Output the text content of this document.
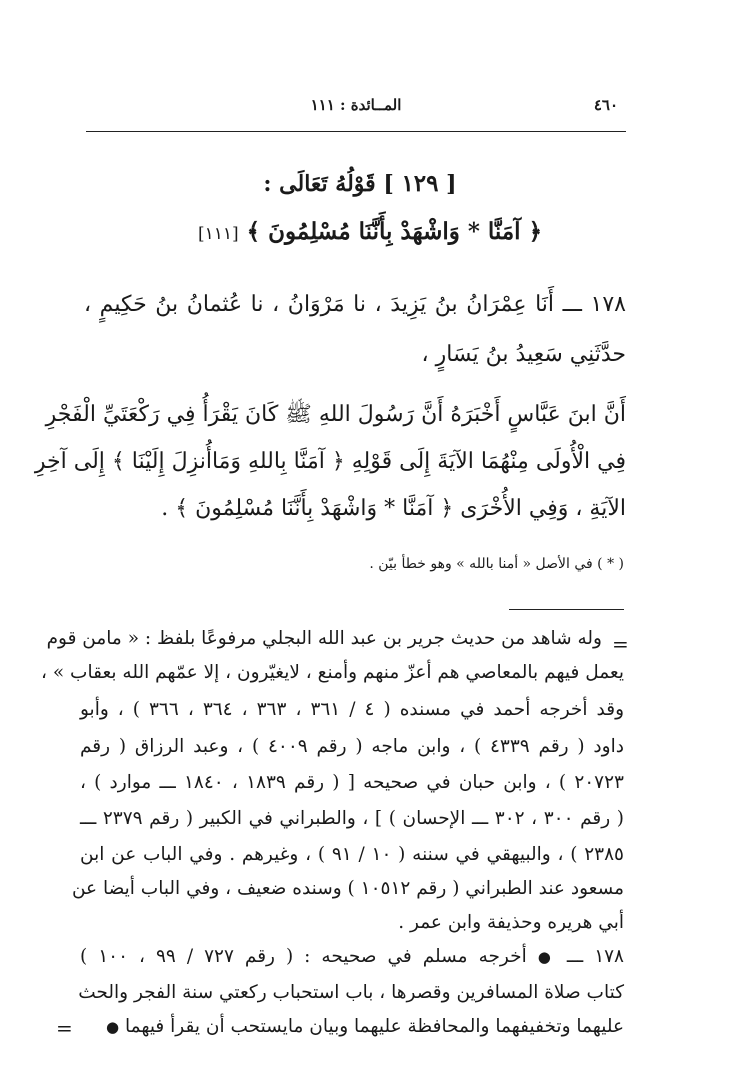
٤٦٠
المــائدة : ١١١
[ ١٢٩ ] قَوْلُهُ تَعَالَى :
﴿ آمَنَّا * وَاشْهَدْ بِأَنَّنَا مُسْلِمُونَ ﴾ [١١١]
١٧٨ ـــ أَنَا عِمْرَانُ بنُ يَزِيدَ ، نا مَرْوَانُ ، نا عُثمانُ بنُ حَكِيمٍ ،
حدَّثَنِي سَعِيدُ بنُ يَسَارٍ ،
أَنَّ ابنَ عَبَّاسٍ أَخْبَرَهُ أَنَّ رَسُولَ اللهِ ﷺ كَانَ يَقْرَأُ فِي رَكْعَتَيِّ الْفَجْرِ
فِي الْأُولَى مِنْهُمَا الآيَةَ إِلَى قَوْلِهِ ﴿ آمَنَّا بِاللهِ وَمَاأُنزِلَ إِلَيْنَا ﴾ إِلَى آخِرِ
الآيَةِ ، وَفِي الأُخْرَى ﴿ آمَنَّا * وَاشْهَدْ بِأَنَّنَا مُسْلِمُونَ ﴾ .
( * ) في الأصل « أمنا بالله » وهو خطأ بيّن .
=
وله شاهد من حديث جرير بن عبد الله البجلي مرفوعًا بلفظ : « مامن قوم
يعمل فيهم بالمعاصي هم أعزّ منهم وأمنع ، لايغيّرون ، إلا عمّهم الله بعقاب » ،
وقد أخرجه أحمد في مسنده ( ٤ / ٣٦١ ، ٣٦٣ ، ٣٦٤ ، ٣٦٦ ) ، وأبو
داود ( رقم ٤٣٣٩ ) ، وابن ماجه ( رقم ٤٠٠٩ ) ، وعبد الرزاق ( رقم
٢٠٧٢٣ ) ، وابن حبان في صحيحه [ ( رقم ١٨٣٩ ، ١٨٤٠ ـــ موارد ) ،
( رقم ٣٠٠ ، ٣٠٢ ـــ الإحسان ) ] ، والطبراني في الكبير ( رقم ٢٣٧٩ ـــ
٢٣٨٥ ) ، والبيهقي في سننه ( ١٠ / ٩١ ) ، وغيرهم . وفي الباب عن ابن
مسعود عند الطبراني ( رقم ١٠٥١٢ ) وسنده ضعيف ، وفي الباب أيضا عن
أبي هريره وحذيفة وابن عمر .
١٧٨ ـــ ● أخرجه مسلم في صحيحه : ( رقم ٧٢٧ / ٩٩ ، ١٠٠ )
كتاب صلاة المسافرين وقصرها ، باب استحباب ركعتي سنة الفجر والحث
عليهما وتخفيفهما والمحافظة عليهما وبيان مايستحب أن يقرأ فيهما ●
=
